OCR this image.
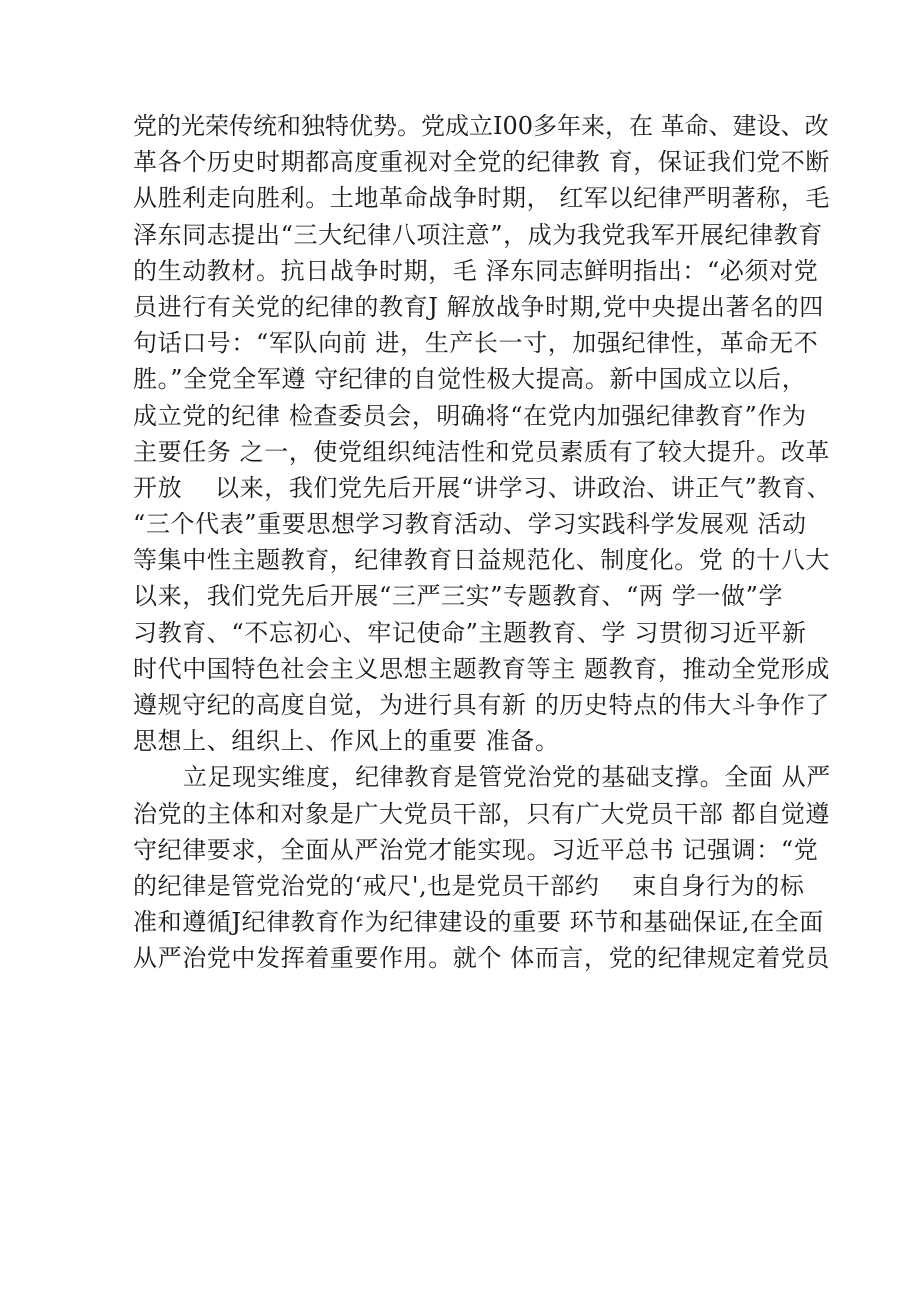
党的光荣传统和独特优势。党成立I00多年来，在 革命、建设、改
革各个历史时期都高度重视对全党的纪律教 育，保证我们党不断
从胜利走向胜利。土地革命战争时期， 红军以纪律严明著称，毛
泽东同志提出“三大纪律八项注意”，成为我党我军开展纪律教育
的生动教材。抗日战争时期，毛 泽东同志鲜明指出：“必须对党
员进行有关党的纪律的教育J 解放战争时期,党中央提出著名的四
句话口号：“军队向前 进，生产长一寸，加强纪律性，革命无不
胜。”全党全军遵 守纪律的自觉性极大提高。新中国成立以后，
成立党的纪律 检查委员会，明确将“在党内加强纪律教育”作为
主要任务 之一，使党组织纯洁性和党员素质有了较大提升。改革
开放　 以来，我们党先后开展“讲学习、讲政治、讲正气”教育、
“三个代表”重要思想学习教育活动、学习实践科学发展观 活动
等集中性主题教育，纪律教育日益规范化、制度化。党 的十八大
以来，我们党先后开展“三严三实”专题教育、“两 学一做”学
习教育、“不忘初心、牢记使命”主题教育、学 习贯彻习近平新
时代中国特色社会主义思想主题教育等主 题教育，推动全党形成
遵规守纪的高度自觉，为进行具有新 的历史特点的伟大斗争作了
思想上、组织上、作风上的重要 准备。
立足现实维度，纪律教育是管党治党的基础支撑。全面 从严
治党的主体和对象是广大党员干部，只有广大党员干部 都自觉遵
守纪律要求，全面从严治党才能实现。习近平总书 记强调：“党
的纪律是管党治党的‘戒尺',也是党员干部约　 束自身行为的标
准和遵循J纪律教育作为纪律建设的重要 环节和基础保证,在全面
从严治党中发挥着重要作用。就个 体而言，党的纪律规定着党员
